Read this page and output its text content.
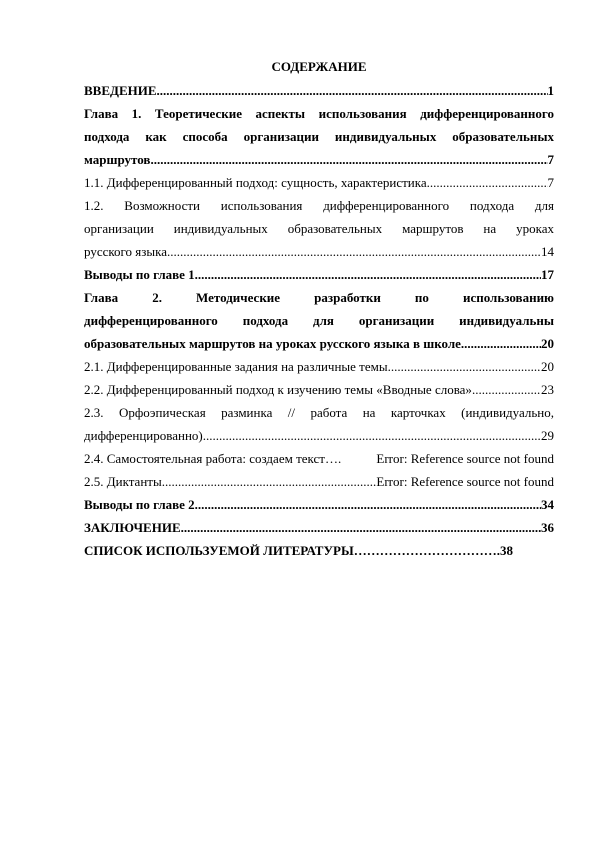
СОДЕРЖАНИЕ
ВВЕДЕНИЕ .....	1
Глава 1. Теоретические аспекты использования дифференцированного
подхода как способа организации индивидуальных образовательных
маршрутов .....	7
1.1. Дифференцированный подход: сущность, характеристика .....	7
1.2. Возможности использования дифференцированного подхода для
организации индивидуальных образовательных маршрутов на уроках
русского языка .....	14
Выводы по главе 1 .....	17
Глава 2. Методические разработки по использованию
дифференцированного подхода для организации индивидуальны
образовательных маршрутов на уроках русского языка в школе .....	20
2.1. Дифференцированные задания на различные темы .....	20
2.2. Дифференцированный подход к изучению темы «Вводные слова» .....	23
2.3. Орфоэпическая разминка // работа на карточках (индивидуально,
дифференцированно) .....	29
2.4. Самостоятельная работа: создаем текст ….	Error: Reference source not found
2.5. Диктанты .....	Error: Reference source not found
Выводы по главе 2 .....	34
ЗАКЛЮЧЕНИЕ .....	36
СПИСОК ИСПОЛЬЗУЕМОЙ ЛИТЕРАТУРЫ ……………………………. 38
